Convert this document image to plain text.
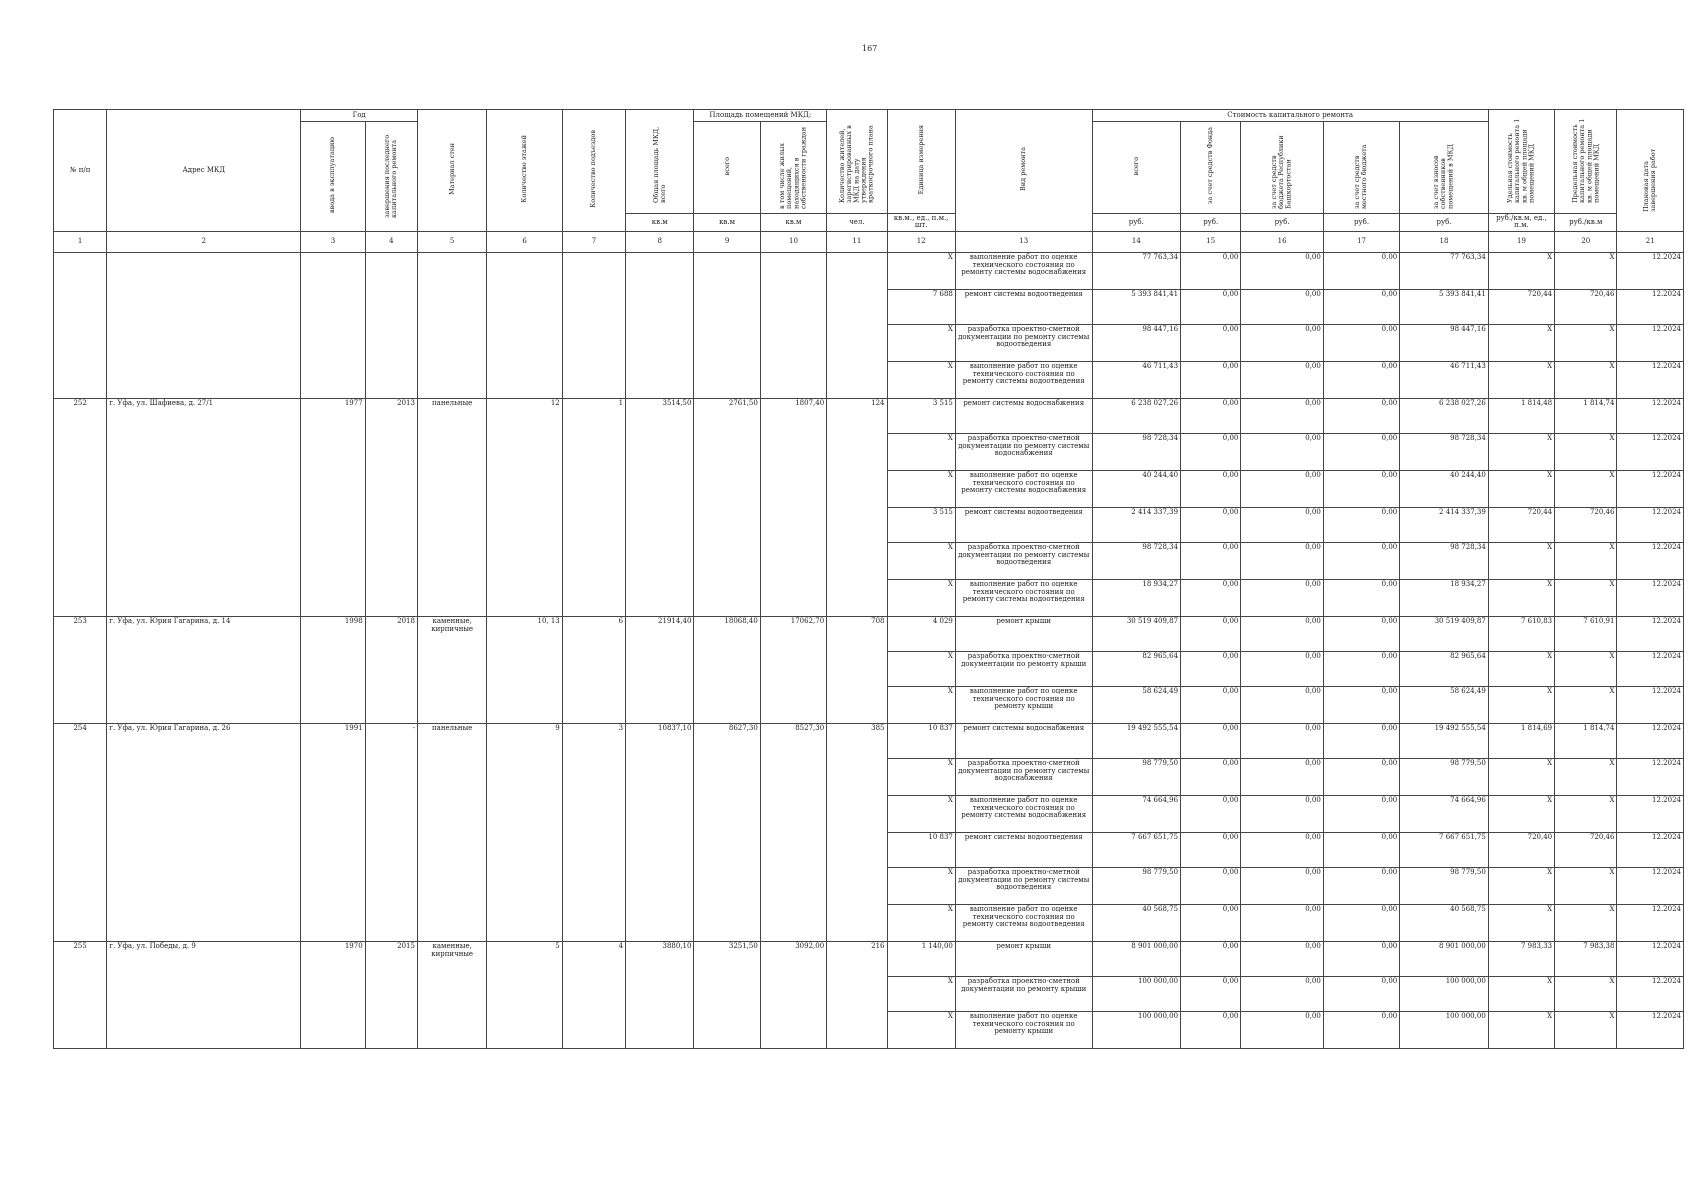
167
№ п/п	Адрес МКД	Год		Материал стен	Количество этажей	Количество подъездов	Общая площадь МКД, всего	Площадь помещений МКД:		Количество жителей, зарегистрированных в МКД на дату утверждения краткосрочного плана	Единица измерения	Вид ремонта	Стоимость капитального ремонта					Удельная стоимость капитального ремонта 1 кв. м общей площади помещений МКД	Предельная стоимость капитального ремонта 1 кв. м общей площади помещений МКД	Плановая дата завершения работ
		ввода в эксплуатацию	завершения последнего капитального ремонта					всего	в том числе жилых помещений, находящихся в собственности граждан				всего	за счет средств Фонда	за счет средств бюджета Республики Башкортостан	за счет средств местного бюджета	за счет взносов собственников помещений в МКД			
							кв.м	кв.м	кв.м	чел.	кв.м., ед., п.м., шт.		руб.	руб.	руб.	руб.	руб.	руб./кв.м, ед., п.м.	руб./кв.м	
1	2	3	4	5	6	7	8	9	10	11	12	13	14	15	16	17	18	19	20	21
											X	выполнение работ по оценке технического состояния по ремонту системы водоснабжения	77 763,34	0,00	0,00	0,00	77 763,34	X	X	12.2024
											7 688	ремонт системы водоотведения	5 393 841,41	0,00	0,00	0,00	5 393 841,41	720,44	720,46	12.2024
											X	разработка проектно-сметной документации по ремонту системы водоотведения	98 447,16	0,00	0,00	0,00	98 447,16	X	X	12.2024
											X	выполнение работ по оценке технического состояния по ремонту системы водоотведения	46 711,43	0,00	0,00	0,00	46 711,43	X	X	12.2024
252	г. Уфа, ул. Шафиева, д. 27/1	1977	2013	панельные	12	1	3514,50	2761,50	1807,40	124	3 515	ремонт системы водоснабжения	6 238 027,26	0,00	0,00	0,00	6 238 027,26	1 814,48	1 814,74	12.2024
											X	разработка проектно-сметной документации по ремонту системы водоснабжения	98 728,34	0,00	0,00	0,00	98 728,34	X	X	12.2024
											X	выполнение работ по оценке технического состояния по ремонту системы водоснабжения	40 244,40	0,00	0,00	0,00	40 244,40	X	X	12.2024
											3 515	ремонт системы водоотведения	2 414 337,39	0,00	0,00	0,00	2 414 337,39	720,44	720,46	12.2024
											X	разработка проектно-сметной документации по ремонту системы водоотведения	98 728,34	0,00	0,00	0,00	98 728,34	X	X	12.2024
											X	выполнение работ по оценке технического состояния по ремонту системы водоотведения	18 934,27	0,00	0,00	0,00	18 934,27	X	X	12.2024
253	г. Уфа, ул. Юрия Гагарина, д. 14	1998	2018	каменные, кирпичные	10, 13	6	21914,40	18068,40	17062,70	708	4 029	ремонт крыши	30 519 409,87	0,00	0,00	0,00	30 519 409,87	7 610,83	7 610,91	12.2024
											X	разработка проектно-сметной документации по ремонту крыши	82 965,64	0,00	0,00	0,00	82 965,64	X	X	12.2024
											X	выполнение работ по оценке технического состояния по ремонту крыши	58 624,49	0,00	0,00	0,00	58 624,49	X	X	12.2024
254	г. Уфа, ул. Юрия Гагарина, д. 26	1991	-	панельные	9	3	10837,10	8627,30	8527,30	385	10 837	ремонт системы водоснабжения	19 492 555,54	0,00	0,00	0,00	19 492 555,54	1 814,69	1 814,74	12.2024
											X	разработка проектно-сметной документации по ремонту системы водоснабжения	98 779,50	0,00	0,00	0,00	98 779,50	X	X	12.2024
											X	выполнение работ по оценке технического состояния по ремонту системы водоснабжения	74 664,96	0,00	0,00	0,00	74 664,96	X	X	12.2024
											10 837	ремонт системы водоотведения	7 667 651,75	0,00	0,00	0,00	7 667 651,75	720,40	720,46	12.2024
											X	разработка проектно-сметной документации по ремонту системы водоотведения	98 779,50	0,00	0,00	0,00	98 779,50	X	X	12.2024
											X	выполнение работ по оценке технического состояния по ремонту системы водоотведения	40 568,75	0,00	0,00	0,00	40 568,75	X	X	12.2024
255	г. Уфа, ул. Победы, д. 9	1970	2015	каменные, кирпичные	5	4	3880,10	3251,50	3092,00	216	1 140,00	ремонт крыши	8 901 000,00	0,00	0,00	0,00	8 901 000,00	7 983,33	7 983,38	12.2024
											X	разработка проектно-сметной документации по ремонту крыши	100 000,00	0,00	0,00	0,00	100 000,00	X	X	12.2024
											X	выполнение работ по оценке технического состояния по ремонту крыши	100 000,00	0,00	0,00	0,00	100 000,00	X	X	12.2024
